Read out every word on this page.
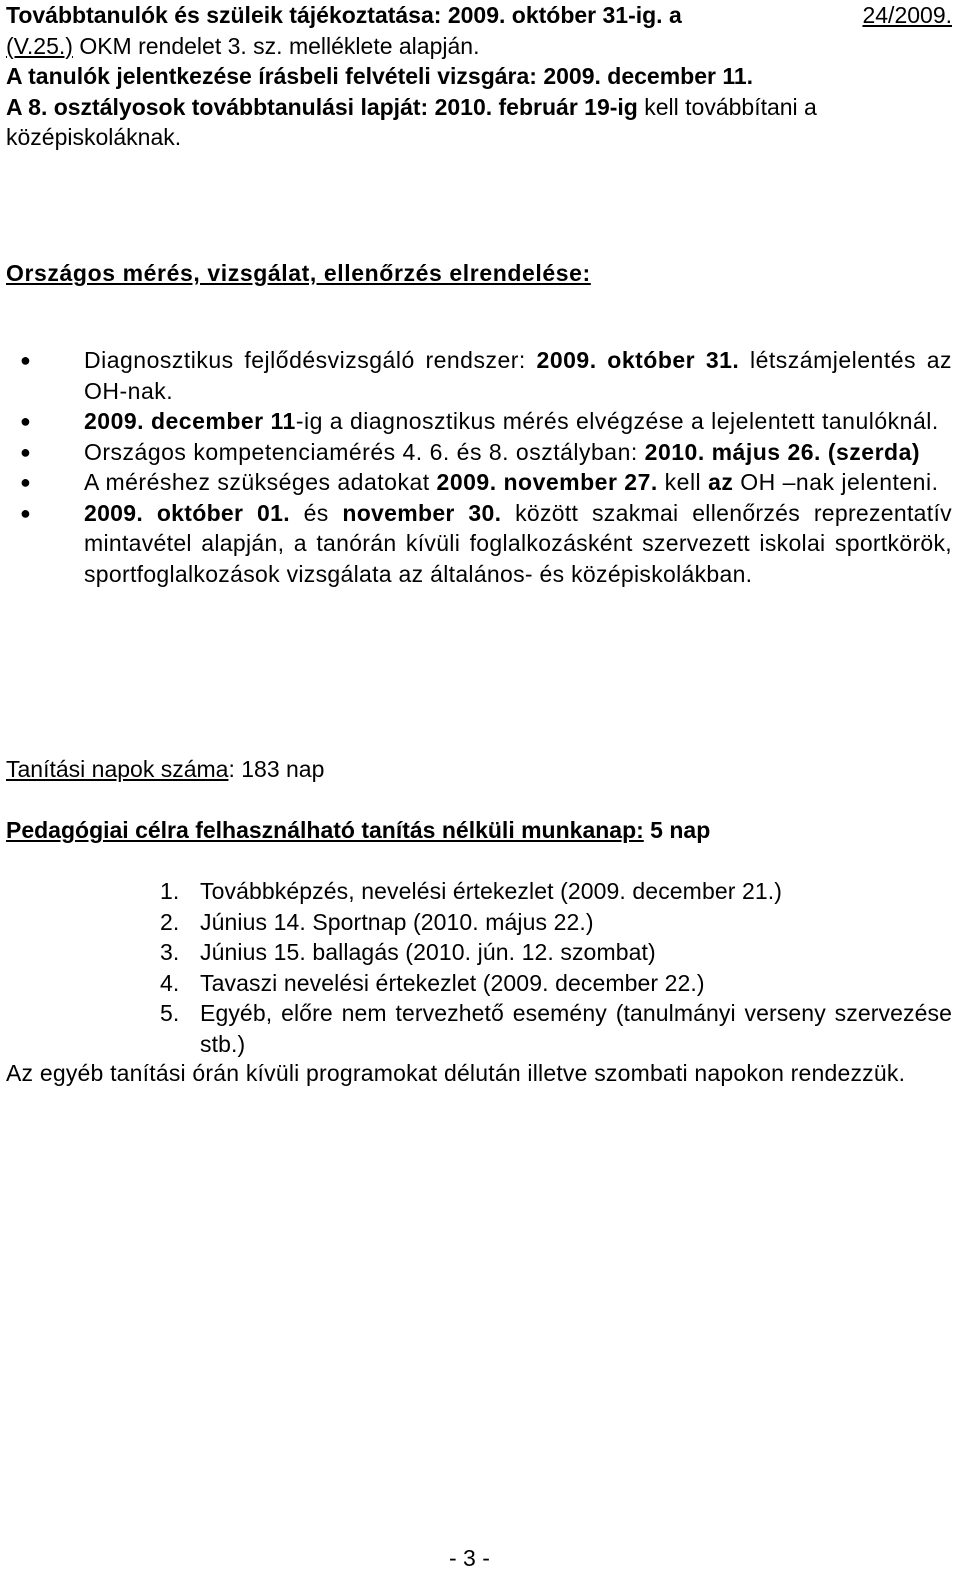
Továbbtanulók és szüleik tájékoztatása: 2009. október 31-ig. a	24/2009.
(V.25.) OKM rendelet 3. sz. melléklete alapján.
A tanulók jelentkezése írásbeli felvételi vizsgára: 2009. december 11.
A 8. osztályosok továbbtanulási lapját: 2010. február 19-ig kell továbbítani a
középiskoláknak.

Országos mérés, vizsgálat, ellenőrzés elrendelése:

● Diagnosztikus fejlődésvizsgáló rendszer: 2009. október 31. létszámjelentés az OH-nak.
● 2009. december 11-ig a diagnosztikus mérés elvégzése a lejelentett tanulóknál.
● Országos kompetenciamérés 4. 6. és 8. osztályban: 2010. május 26. (szerda)
● A méréshez szükséges adatokat 2009. november 27. kell az OH –nak jelenteni.
● 2009. október 01. és november 30. között szakmai ellenőrzés reprezentatív mintavétel alapján, a tanórán kívüli foglalkozásként szervezett iskolai sportkörök, sportfoglalkozások vizsgálata az általános- és középiskolákban.

Tanítási napok száma: 183 nap

Pedagógiai célra felhasználható tanítás nélküli munkanap: 5 nap

1. Továbbképzés, nevelési értekezlet (2009. december 21.)
2. Június 14. Sportnap (2010. május 22.)
3. Június 15. ballagás (2010. jún. 12. szombat)
4. Tavaszi nevelési értekezlet (2009. december 22.)
5. Egyéb, előre nem tervezhető esemény (tanulmányi verseny szervezése stb.)

Az egyéb tanítási órán kívüli programokat délután illetve szombati napokon rendezzük.

- 3 -
